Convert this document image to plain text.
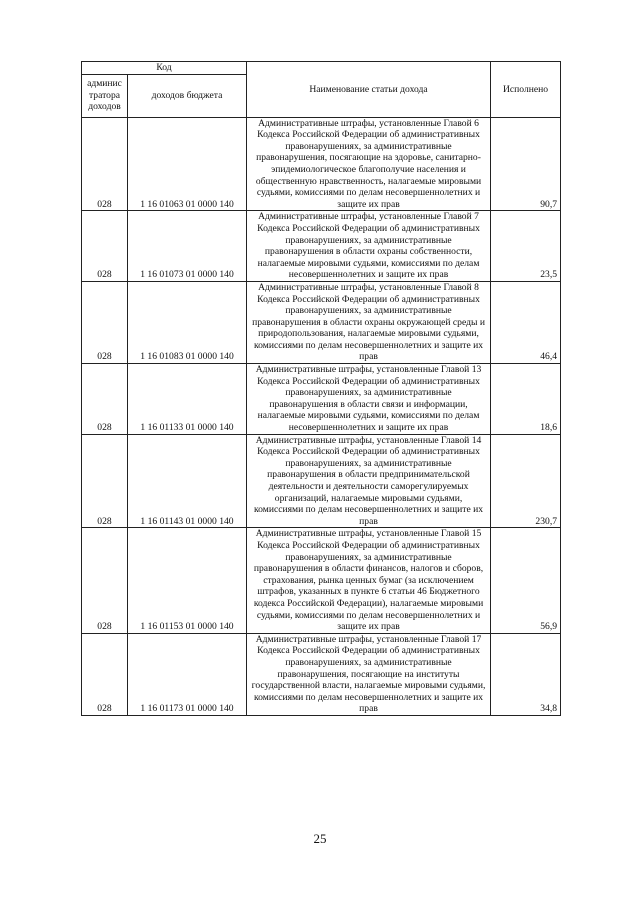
Код		Наименование статьи дохода	Исполнено
админис тратора доходов	доходов бюджета		
028	1 16 01063 01 0000 140	Административные штрафы, установленные Главой 6 Кодекса Российской Федерации об административных правонарушениях, за административные правонарушения, посягающие на здоровье, санитарно-эпидемиологическое благополучие населения и общественную нравственность, налагаемые мировыми судьями, комиссиями по делам несовершеннолетних и защите их прав	90,7
028	1 16 01073 01 0000 140	Административные штрафы, установленные Главой 7 Кодекса Российской Федерации об административных правонарушениях, за административные правонарушения в области охраны собственности, налагаемые мировыми судьями, комиссиями по делам несовершеннолетних и защите их прав	23,5
028	1 16 01083 01 0000 140	Административные штрафы, установленные Главой 8 Кодекса Российской Федерации об административных правонарушениях, за административные правонарушения в области охраны окружающей среды и природопользования, налагаемые мировыми судьями, комиссиями по делам несовершеннолетних и защите их прав	46,4
028	1 16 01133 01 0000 140	Административные штрафы, установленные Главой 13 Кодекса Российской Федерации об административных правонарушениях, за административные правонарушения в области связи и информации, налагаемые мировыми судьями, комиссиями по делам несовершеннолетних и защите их прав	18,6
028	1 16 01143 01 0000 140	Административные штрафы, установленные Главой 14 Кодекса Российской Федерации об административных правонарушениях, за административные правонарушения в области предпринимательской деятельности и деятельности саморегулируемых организаций, налагаемые мировыми судьями, комиссиями по делам несовершеннолетних и защите их прав	230,7
028	1 16 01153 01 0000 140	Административные штрафы, установленные Главой 15 Кодекса Российской Федерации об административных правонарушениях, за административные правонарушения в области финансов, налогов и сборов, страхования, рынка ценных бумаг (за исключением штрафов, указанных в пункте 6 статьи 46 Бюджетного кодекса Российской Федерации), налагаемые мировыми судьями, комиссиями по делам несовершеннолетних и защите их прав	56,9
028	1 16 01173 01 0000 140	Административные штрафы, установленные Главой 17 Кодекса Российской Федерации об административных правонарушениях, за административные правонарушения, посягающие на институты государственной власти, налагаемые мировыми судьями, комиссиями по делам несовершеннолетних и защите их прав	34,8
25
